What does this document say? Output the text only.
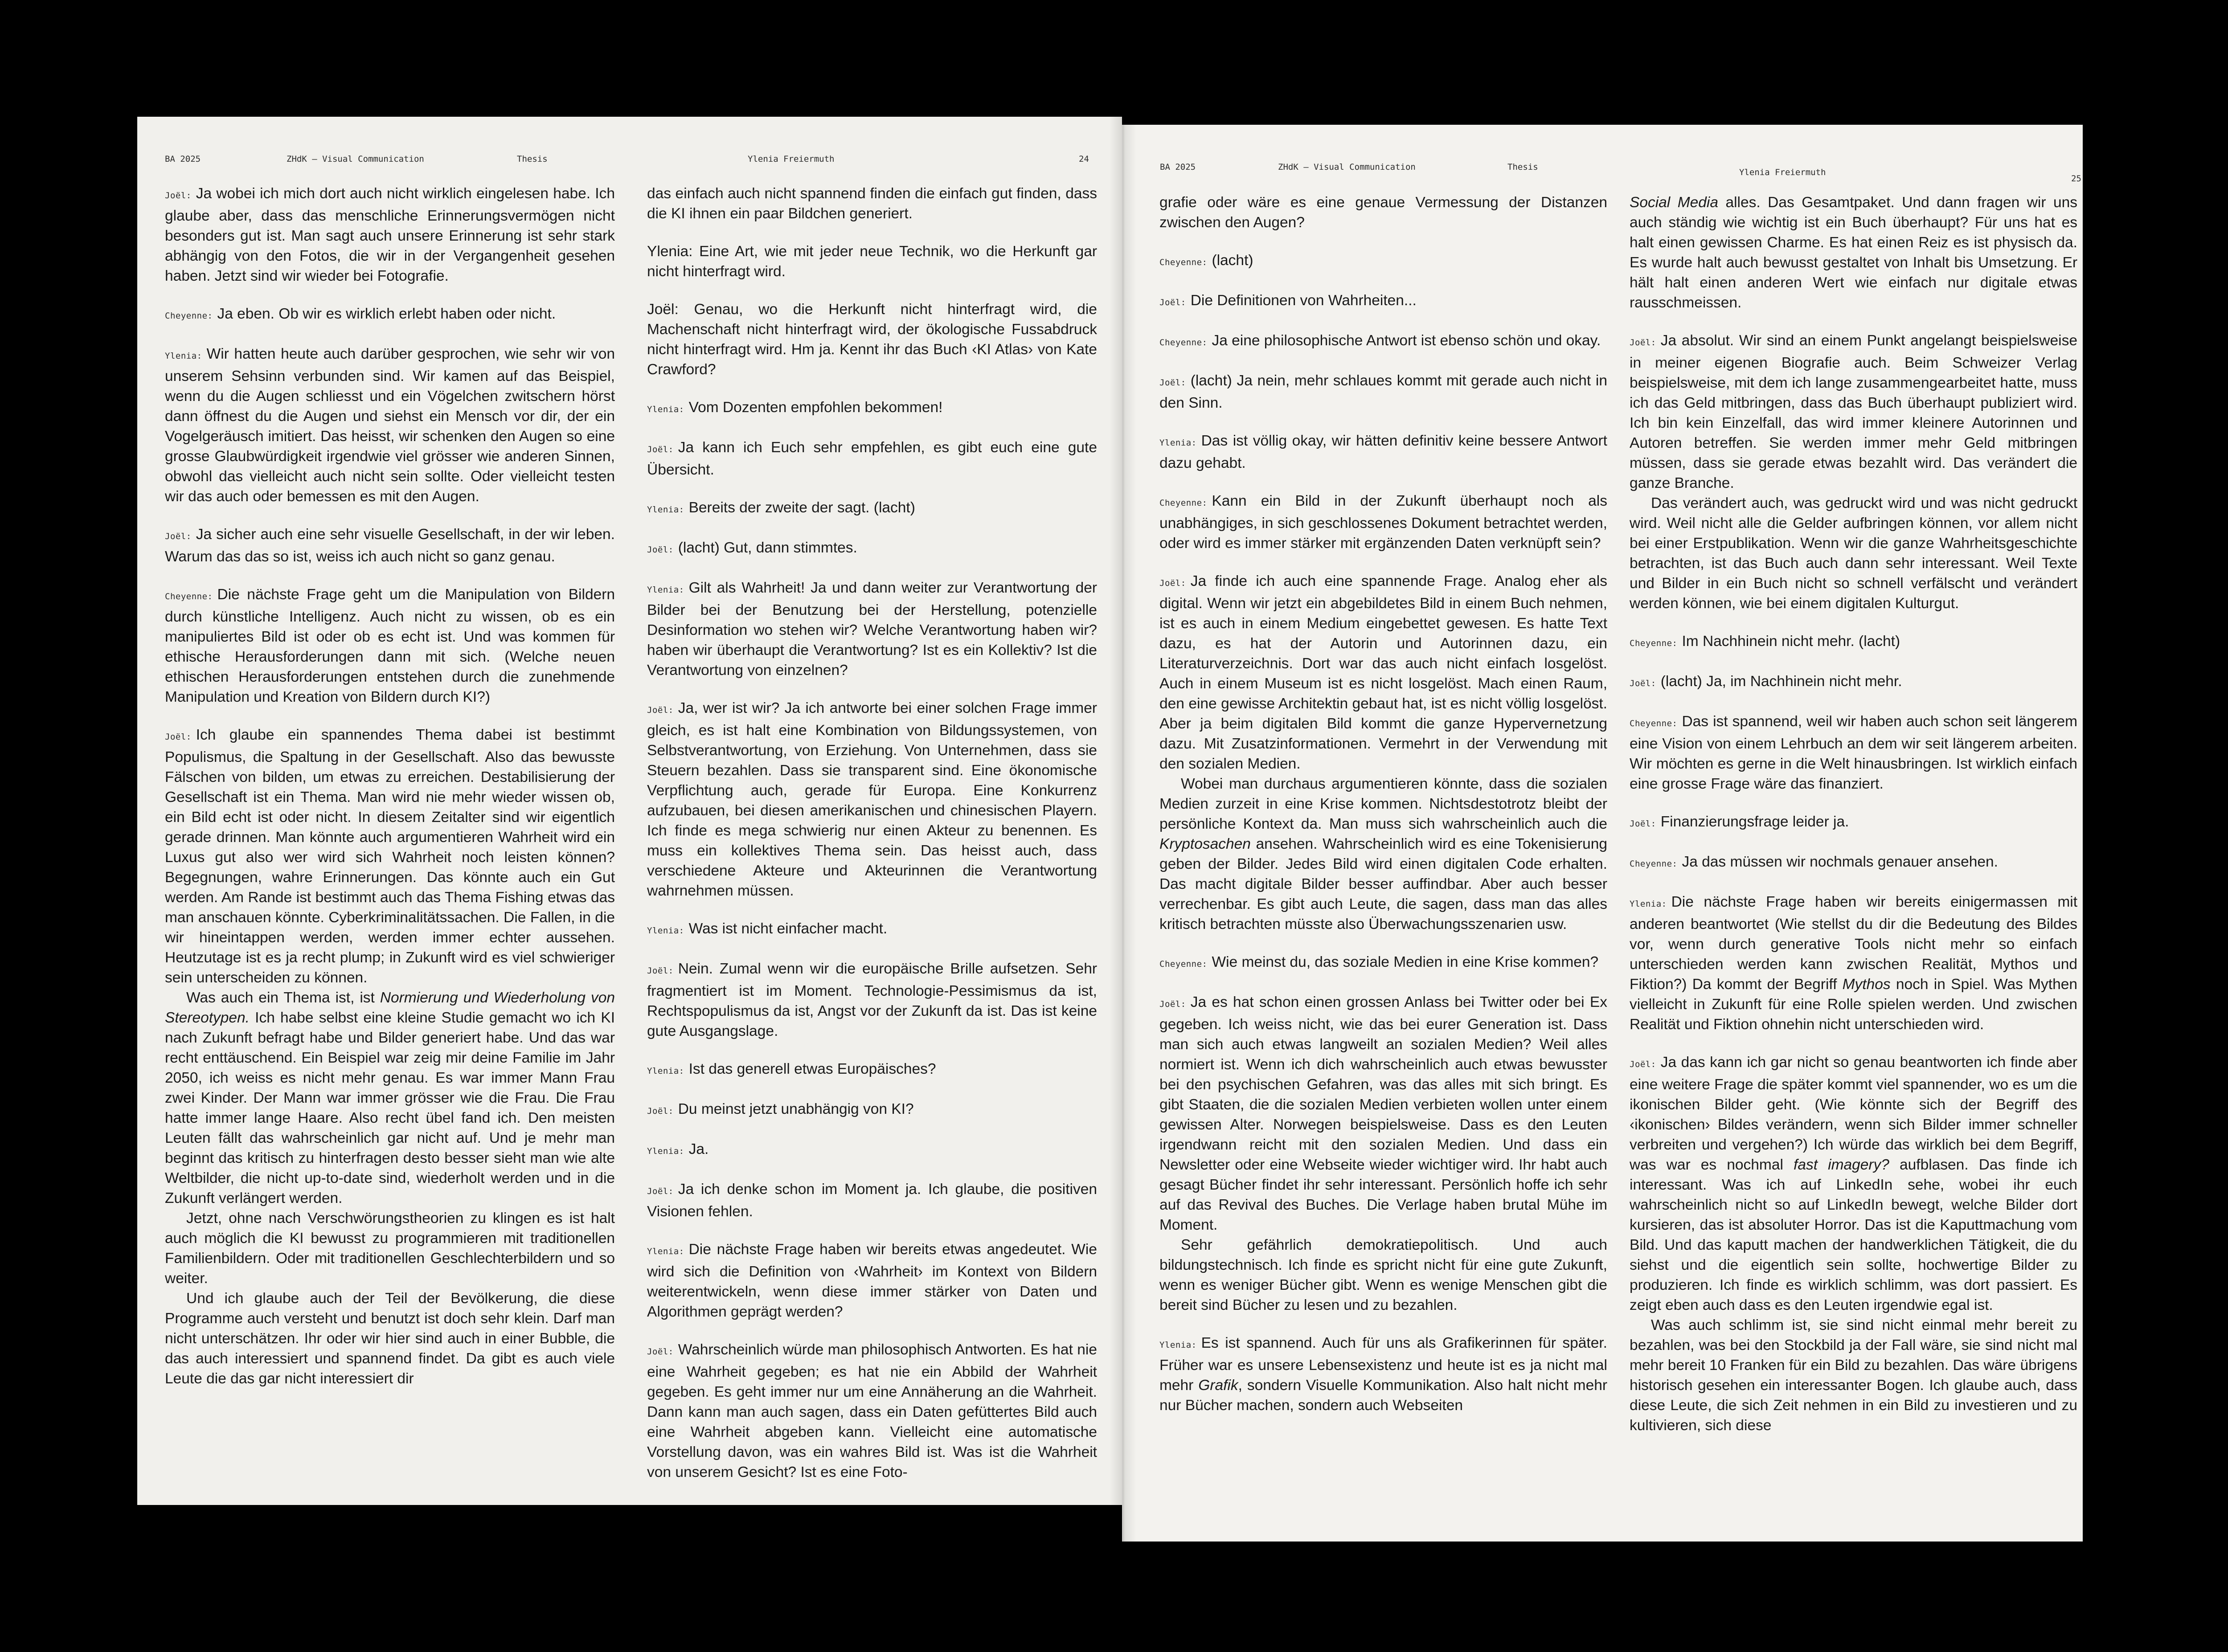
BA 2025	ZHdK – Visual Communication	Thesis	Ylenia Freiermuth	24

Joël: Ja wobei ich mich dort auch nicht wirklich eingelesen habe. Ich glaube aber, dass das menschliche Erinnerungsvermögen nicht besonders gut ist. Man sagt auch unsere Erinnerung ist sehr stark abhängig von den Fotos, die wir in der Vergangenheit gesehen haben. Jetzt sind wir wieder bei Fotografie.

Cheyenne: Ja eben. Ob wir es wirklich erlebt haben oder nicht.

Ylenia: Wir hatten heute auch darüber gesprochen, wie sehr wir von unserem Sehsinn verbunden sind. Wir kamen auf das Beispiel, wenn du die Augen schliesst und ein Vögelchen zwitschern hörst dann öffnest du die Augen und siehst ein Mensch vor dir, der ein Vogelgeräusch imitiert. Das heisst, wir schenken den Augen so eine grosse Glaubwürdigkeit irgendwie viel grösser wie anderen Sinnen, obwohl das vielleicht auch nicht sein sollte. Oder vielleicht testen wir das auch oder bemessen es mit den Augen.

Joël: Ja sicher auch eine sehr visuelle Gesellschaft, in der wir leben. Warum das das so ist, weiss ich auch nicht so ganz genau.

Cheyenne: Die nächste Frage geht um die Manipulation von Bildern durch künstliche Intelligenz. Auch nicht zu wissen, ob es ein manipuliertes Bild ist oder ob es echt ist. Und was kommen für ethische Herausforderungen dann mit sich. (Welche neuen ethischen Herausforderungen entstehen durch die zunehmende Manipulation und Kreation von Bildern durch KI?)

Joël: Ich glaube ein spannendes Thema dabei ist bestimmt Populismus, die Spaltung in der Gesellschaft. Also das bewusste Fälschen von bilden, um etwas zu erreichen. Destabilisierung der Gesellschaft ist ein Thema. Man wird nie mehr wieder wissen ob, ein Bild echt ist oder nicht. In diesem Zeitalter sind wir eigentlich gerade drinnen. Man könnte auch argumentieren Wahrheit wird ein Luxus gut also wer wird sich Wahrheit noch leisten können? Begegnungen, wahre Erinnerungen. Das könnte auch ein Gut werden. Am Rande ist bestimmt auch das Thema Fishing etwas das man anschauen könnte. Cyberkriminalitätssachen. Die Fallen, in die wir hineintappen werden, werden immer echter aussehen. Heutzutage ist es ja recht plump; in Zukunft wird es viel schwieriger sein unterscheiden zu können.

Was auch ein Thema ist, ist Normierung und Wiederholung von Stereotypen. Ich habe selbst eine kleine Studie gemacht wo ich KI nach Zukunft befragt habe und Bilder generiert habe. Und das war recht enttäuschend. Ein Beispiel war zeig mir deine Familie im Jahr 2050, ich weiss es nicht mehr genau. Es war immer Mann Frau zwei Kinder. Der Mann war immer grösser wie die Frau. Die Frau hatte immer lange Haare. Also recht übel fand ich. Den meisten Leuten fällt das wahrscheinlich gar nicht auf. Und je mehr man beginnt das kritisch zu hinterfragen desto besser sieht man wie alte Weltbilder, die nicht up-to-date sind, wiederholt werden und in die Zukunft verlängert werden.

Jetzt, ohne nach Verschwörungstheorien zu klingen es ist halt auch möglich die KI bewusst zu programmieren mit traditionellen Familienbildern. Oder mit traditionellen Geschlechterbildern und so weiter.

Und ich glaube auch der Teil der Bevölkerung, die diese Programme auch versteht und benutzt ist doch sehr klein. Darf man nicht unterschätzen. Ihr oder wir hier sind auch in einer Bubble, die das auch interessiert und spannend findet. Da gibt es auch viele Leute die das gar nicht interessiert dir

das einfach auch nicht spannend finden die einfach gut finden, dass die KI ihnen ein paar Bildchen generiert.

Ylenia: Eine Art, wie mit jeder neue Technik, wo die Herkunft gar nicht hinterfragt wird.

Joël: Genau, wo die Herkunft nicht hinterfragt wird, die Machenschaft nicht hinterfragt wird, der ökologische Fussabdruck nicht hinterfragt wird. Hm ja. Kennt ihr das Buch ‹KI Atlas› von Kate Crawford?

Ylenia: Vom Dozenten empfohlen bekommen!

Joël: Ja kann ich Euch sehr empfehlen, es gibt euch eine gute Übersicht.

Ylenia: Bereits der zweite der sagt. (lacht)

Joël: (lacht) Gut, dann stimmtes.

Ylenia: Gilt als Wahrheit! Ja und dann weiter zur Verantwortung der Bilder bei der Benutzung bei der Herstellung, potenzielle Desinformation wo stehen wir? Welche Verantwortung haben wir? haben wir überhaupt die Verantwortung? Ist es ein Kollektiv? Ist die Verantwortung von einzelnen?

Joël: Ja, wer ist wir? Ja ich antworte bei einer solchen Frage immer gleich, es ist halt eine Kombination von Bildungssystemen, von Selbstverantwortung, von Erziehung. Von Unternehmen, dass sie Steuern bezahlen. Dass sie transparent sind. Eine ökonomische Verpflichtung auch, gerade für Europa. Eine Konkurrenz aufzubauen, bei diesen amerikanischen und chinesischen Playern. Ich finde es mega schwierig nur einen Akteur zu benennen. Es muss ein kollektives Thema sein. Das heisst auch, dass verschiedene Akteure und Akteurinnen die Verantwortung wahrnehmen müssen.

Ylenia: Was ist nicht einfacher macht.

Joël: Nein. Zumal wenn wir die europäische Brille aufsetzen. Sehr fragmentiert ist im Moment. Technologie-Pessimismus da ist, Rechtspopulismus da ist, Angst vor der Zukunft da ist. Das ist keine gute Ausgangslage.

Ylenia: Ist das generell etwas Europäisches?

Joël: Du meinst jetzt unabhängig von KI?

Ylenia: Ja.

Joël: Ja ich denke schon im Moment ja. Ich glaube, die positiven Visionen fehlen.

Ylenia: Die nächste Frage haben wir bereits etwas angedeutet. Wie wird sich die Definition von ‹Wahrheit› im Kontext von Bildern weiterentwickeln, wenn diese immer stärker von Daten und Algorithmen geprägt werden?

Joël: Wahrscheinlich würde man philosophisch Antworten. Es hat nie eine Wahrheit gegeben; es hat nie ein Abbild der Wahrheit gegeben. Es geht immer nur um eine Annäherung an die Wahrheit. Dann kann man auch sagen, dass ein Daten gefüttertes Bild auch eine Wahrheit abgeben kann. Vielleicht eine automatische Vorstellung davon, was ein wahres Bild ist. Was ist die Wahrheit von unserem Gesicht? Ist es eine Foto-

BA 2025	ZHdK – Visual Communication	Thesis
Ylenia Freiermuth
25

grafie oder wäre es eine genaue Vermessung der Distanzen zwischen den Augen?

Cheyenne: (lacht)

Joël: Die Definitionen von Wahrheiten...

Cheyenne: Ja eine philosophische Antwort ist ebenso schön und okay.

Joël: (lacht) Ja nein, mehr schlaues kommt mit gerade auch nicht in den Sinn.

Ylenia: Das ist völlig okay, wir hätten definitiv keine bessere Antwort dazu gehabt.

Cheyenne: Kann ein Bild in der Zukunft überhaupt noch als unabhängiges, in sich geschlossenes Dokument betrachtet werden, oder wird es immer stärker mit ergänzenden Daten verknüpft sein?

Joël: Ja finde ich auch eine spannende Frage. Analog eher als digital. Wenn wir jetzt ein abgebildetes Bild in einem Buch nehmen, ist es auch in einem Medium eingebettet gewesen. Es hatte Text dazu, es hat der Autorin und Autorinnen dazu, ein Literaturverzeichnis. Dort war das auch nicht einfach losgelöst. Auch in einem Museum ist es nicht losgelöst. Mach einen Raum, den eine gewisse Architektin gebaut hat, ist es nicht völlig losgelöst. Aber ja beim digitalen Bild kommt die ganze Hypervernetzung dazu. Mit Zusatzinformationen. Vermehrt in der Verwendung mit den sozialen Medien.

Wobei man durchaus argumentieren könnte, dass die sozialen Medien zurzeit in eine Krise kommen. Nichtsdestotrotz bleibt der persönliche Kontext da. Man muss sich wahrscheinlich auch die Kryptosachen ansehen. Wahrscheinlich wird es eine Tokenisierung geben der Bilder. Jedes Bild wird einen digitalen Code erhalten. Das macht digitale Bilder besser auffindbar. Aber auch besser verrechenbar. Es gibt auch Leute, die sagen, dass man das alles kritisch betrachten müsste also Überwachungsszenarien usw.

Cheyenne: Wie meinst du, das soziale Medien in eine Krise kommen?

Joël: Ja es hat schon einen grossen Anlass bei Twitter oder bei Ex gegeben. Ich weiss nicht, wie das bei eurer Generation ist. Dass man sich auch etwas langweilt an sozialen Medien? Weil alles normiert ist. Wenn ich dich wahrscheinlich auch etwas bewusster bei den psychischen Gefahren, was das alles mit sich bringt. Es gibt Staaten, die die sozialen Medien verbieten wollen unter einem gewissen Alter. Norwegen beispielsweise. Dass es den Leuten irgendwann reicht mit den sozialen Medien. Und dass ein Newsletter oder eine Webseite wieder wichtiger wird. Ihr habt auch gesagt Bücher findet ihr sehr interessant. Persönlich hoffe ich sehr auf das Revival des Buches. Die Verlage haben brutal Mühe im Moment.

Sehr gefährlich demokratiepolitisch. Und auch bildungstechnisch. Ich finde es spricht nicht für eine gute Zukunft, wenn es weniger Bücher gibt. Wenn es wenige Menschen gibt die bereit sind Bücher zu lesen und zu bezahlen.

Ylenia: Es ist spannend. Auch für uns als Grafikerinnen für später. Früher war es unsere Lebensexistenz und heute ist es ja nicht mal mehr Grafik, sondern Visuelle Kommunikation. Also halt nicht mehr nur Bücher machen, sondern auch Webseiten

Social Media alles. Das Gesamtpaket. Und dann fragen wir uns auch ständig wie wichtig ist ein Buch überhaupt? Für uns hat es halt einen gewissen Charme. Es hat einen Reiz es ist physisch da. Es wurde halt auch bewusst gestaltet von Inhalt bis Umsetzung. Er hält halt einen anderen Wert wie einfach nur digitale etwas rausschmeissen.

Joël: Ja absolut. Wir sind an einem Punkt angelangt beispielsweise in meiner eigenen Biografie auch. Beim Schweizer Verlag beispielsweise, mit dem ich lange zusammengearbeitet hatte, muss ich das Geld mitbringen, dass das Buch überhaupt publiziert wird. Ich bin kein Einzelfall, das wird immer kleinere Autorinnen und Autoren betreffen. Sie werden immer mehr Geld mitbringen müssen, dass sie gerade etwas bezahlt wird. Das verändert die ganze Branche.

Das verändert auch, was gedruckt wird und was nicht gedruckt wird. Weil nicht alle die Gelder aufbringen können, vor allem nicht bei einer Erstpublikation. Wenn wir die ganze Wahrheitsgeschichte betrachten, ist das Buch auch dann sehr interessant. Weil Texte und Bilder in ein Buch nicht so schnell verfälscht und verändert werden können, wie bei einem digitalen Kulturgut.

Cheyenne: Im Nachhinein nicht mehr. (lacht)

Joël: (lacht) Ja, im Nachhinein nicht mehr.

Cheyenne: Das ist spannend, weil wir haben auch schon seit längerem eine Vision von einem Lehrbuch an dem wir seit längerem arbeiten. Wir möchten es gerne in die Welt hinausbringen. Ist wirklich einfach eine grosse Frage wäre das finanziert.

Joël: Finanzierungsfrage leider ja.

Cheyenne: Ja das müssen wir nochmals genauer ansehen.

Ylenia: Die nächste Frage haben wir bereits einigermassen mit anderen beantwortet (Wie stellst du dir die Bedeutung des Bildes vor, wenn durch generative Tools nicht mehr so einfach unterschieden werden kann zwischen Realität, Mythos und Fiktion?) Da kommt der Begriff Mythos noch in Spiel. Was Mythen vielleicht in Zukunft für eine Rolle spielen werden. Und zwischen Realität und Fiktion ohnehin nicht unterschieden wird.

Joël: Ja das kann ich gar nicht so genau beantworten ich finde aber eine weitere Frage die später kommt viel spannender, wo es um die ikonischen Bilder geht. (Wie könnte sich der Begriff des ‹ikonischen› Bildes verändern, wenn sich Bilder immer schneller verbreiten und vergehen?) Ich würde das wirklich bei dem Begriff, was war es nochmal fast imagery? aufblasen. Das finde ich interessant. Was ich auf LinkedIn sehe, wobei ihr euch wahrscheinlich nicht so auf LinkedIn bewegt, welche Bilder dort kursieren, das ist absoluter Horror. Das ist die Kaputtmachung vom Bild. Und das kaputt machen der handwerklichen Tätigkeit, die du siehst und die eigentlich sein sollte, hochwertige Bilder zu produzieren. Ich finde es wirklich schlimm, was dort passiert. Es zeigt eben auch dass es den Leuten irgendwie egal ist.

Was auch schlimm ist, sie sind nicht einmal mehr bereit zu bezahlen, was bei den Stockbild ja der Fall wäre, sie sind nicht mal mehr bereit 10 Franken für ein Bild zu bezahlen. Das wäre übrigens historisch gesehen ein interessanter Bogen. Ich glaube auch, dass diese Leute, die sich Zeit nehmen in ein Bild zu investieren und zu kultivieren, sich diese
